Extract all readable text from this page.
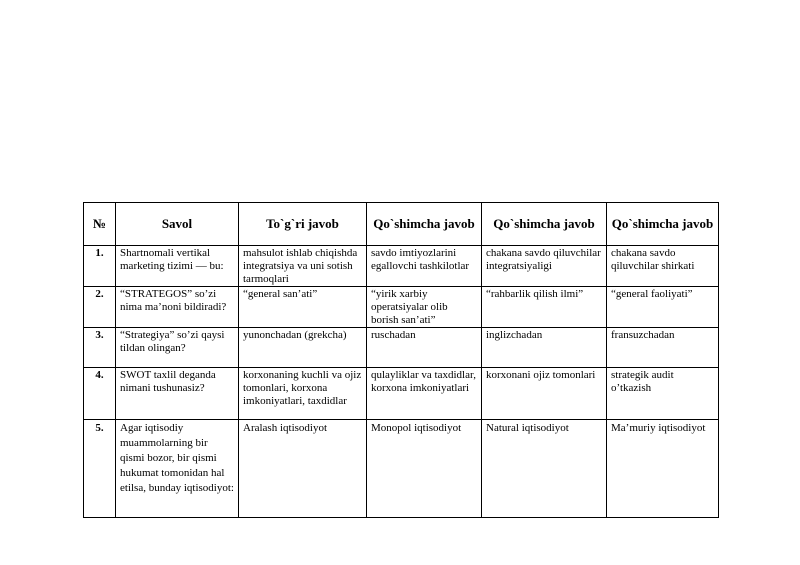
№	Savol	To`g`ri javob	Qo`shimcha javob	Qo`shimcha javob	Qo`shimcha javob
1.	Shartnomali vertikal marketing tizimi — bu:	mahsulot ishlab chiqishda integratsiya va uni sotish tarmoqlari	savdo imtiyozlarini egallovchi tashkilotlar	chakana savdo qiluvchilar integratsiyaligi	chakana savdo qiluvchilar shirkati
2.	“STRATEGOS” so’zi nima ma’noni bildiradi?	“general san’ati”	“yirik xarbiy operatsiyalar olib borish san’ati”	“rahbarlik qilish ilmi”	“general faoliyati”
3.	“Strategiya” so’zi qaysi tildan olingan?	yunonchadan (grekcha)	ruschadan	inglizchadan	fransuzchadan
4.	SWOT taxlil deganda nimani tushunasiz?	korxonaning kuchli va ojiz tomonlari, korxona imkoniyatlari, taxdidlar	qulayliklar va taxdidlar, korxona imkoniyatlari	korxonani ojiz tomonlari	strategik audit o’tkazish
5.	Agar iqtisodiy muammolarning bir qismi bozor, bir qismi hukumat tomonidan hal etilsa, bunday iqtisodiyot:	Aralash iqtisodiyot	Monopol iqtisodiyot	Natural iqtisodiyot	Ma’muriy iqtisodiyot
